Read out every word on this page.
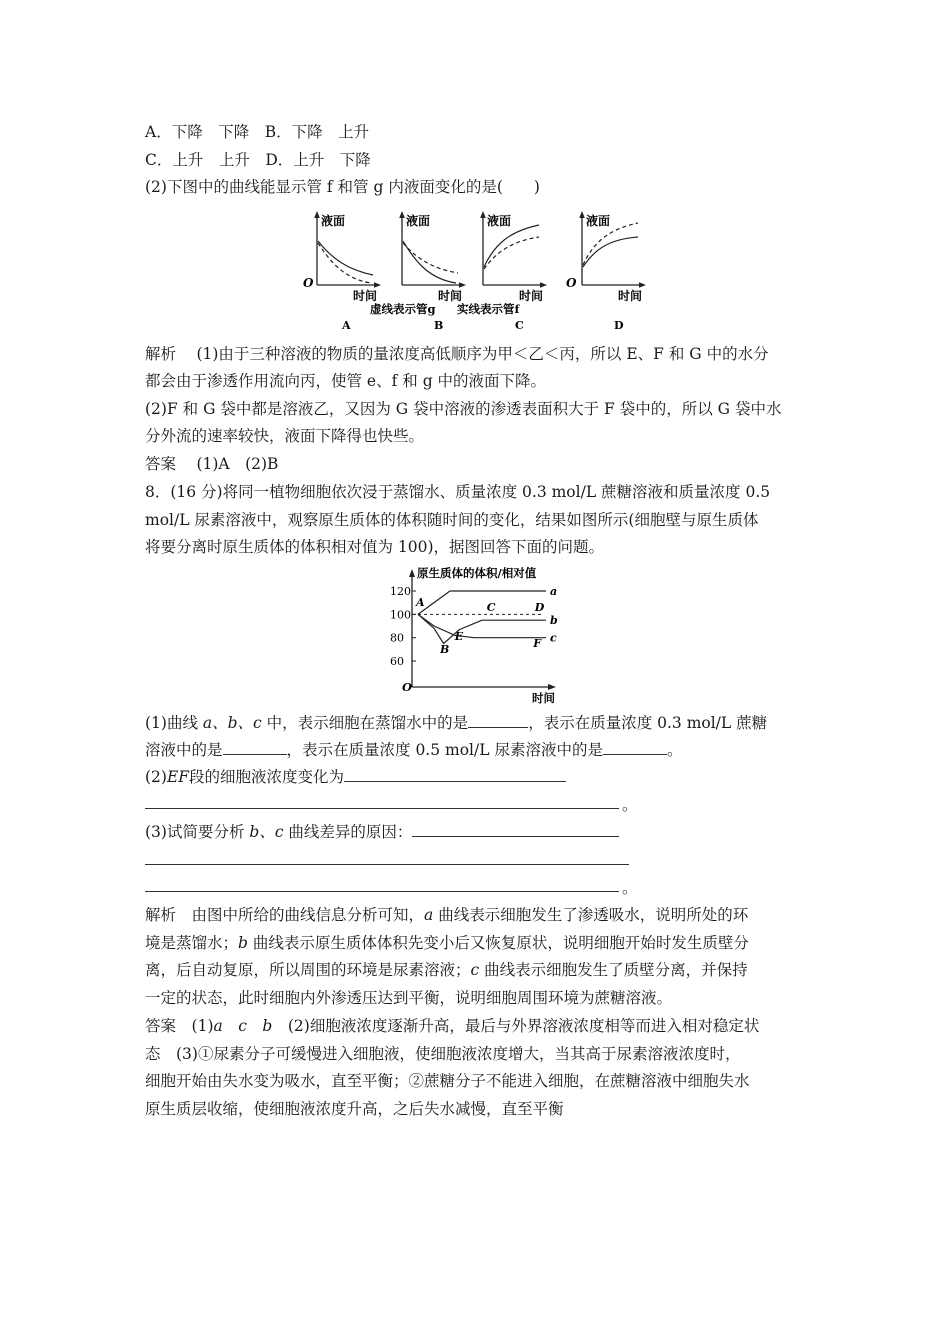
A．下降　下降　B．下降　上升
C．上升　上升　D．上升　下降
(2)下图中的曲线能显示管 f 和管 g 内液面变化的是(　　)
液面
时间
O
A
液面
时间
B
虚线表示管g
液面
时间
C
实线表示管f
液面
时间
O
D
解析　 (1)由于三种溶液的物质的量浓度高低顺序为甲＜乙＜丙，所以 E、F 和 G 中的水分
都会由于渗透作用流向丙，使管 e、f 和 g 中的液面下降。
(2)F 和 G 袋中都是溶液乙，又因为 G 袋中溶液的渗透表面积大于 F 袋中的，所以 G 袋中水
分外流的速率较快，液面下降得也快些。
答案　 (1)A　(2)B
8．(16 分)将同一植物细胞依次浸于蒸馏水、质量浓度 0.3 mol/L 蔗糖溶液和质量浓度 0.5
mol/L 尿素溶液中，观察原生质体的体积随时间的变化，结果如图所示(细胞壁与原生质体
将要分离时原生质体的体积相对值为 100)，据图回答下面的问题。
原生质体的体积/相对值
时间
O
120
100
80
60
a
b
c
A
B
C	D
E
F
(1)曲线 a、b、c 中，表示细胞在蒸馏水中的是	，表示在质量浓度 0.3 mol/L 蔗糖
溶液中的是	，表示在质量浓度 0.5 mol/L 尿素溶液中的是	。
(2)EF段的细胞液浓度变化为
。
(3)试简要分析 b、c 曲线差异的原因：
。
解析　 由图中所给的曲线信息分析可知，a 曲线表示细胞发生了渗透吸水，说明所处的环
境是蒸馏水；b 曲线表示原生质体体积先变小后又恢复原状，说明细胞开始时发生质壁分
离，后自动复原，所以周围的环境是尿素溶液；c 曲线表示细胞发生了质壁分离，并保持
一定的状态，此时细胞内外渗透压达到平衡，说明细胞周围环境为蔗糖溶液。
答案　 (1)a　c　b　(2)细胞液浓度逐渐升高，最后与外界溶液浓度相等而进入相对稳定状
态　(3)①尿素分子可缓慢进入细胞液，使细胞液浓度增大，当其高于尿素溶液浓度时，
细胞开始由失水变为吸水，直至平衡；②蔗糖分子不能进入细胞，在蔗糖溶液中细胞失水
原生质层收缩，使细胞液浓度升高，之后失水减慢，直至平衡
